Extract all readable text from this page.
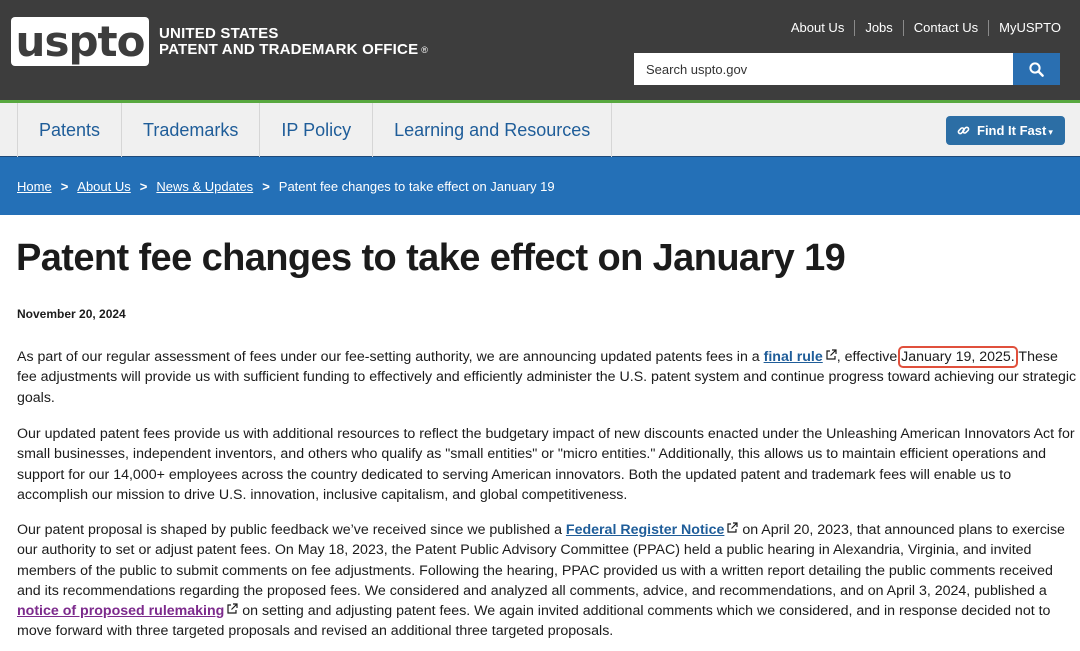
uspto UNITED STATES
PATENT AND TRADEMARK OFFICE ®
About Us	Jobs	Contact Us	MyUSPTO
Search uspto.gov
Patents	Trademarks	IP Policy	Learning and Resources	Find It Fast ▾
Home > About Us > News & Updates > Patent fee changes to take effect on January 19
Patent fee changes to take effect on January 19
November 20, 2024

As part of our regular assessment of fees under our fee-setting authority, we are announcing updated patents fees in a final rule , effective January 19, 2025. These fee adjustments will provide us with sufficient funding to effectively and efficiently administer the U.S. patent system and continue progress toward achieving our strategic goals.

Our updated patent fees provide us with additional resources to reflect the budgetary impact of new discounts enacted under the Unleashing American Innovators Act for small businesses, independent inventors, and others who qualify as "small entities" or "micro entities." Additionally, this allows us to maintain efficient operations and support for our 14,000+ employees across the country dedicated to serving American innovators. Both the updated patent and trademark fees will enable us to accomplish our mission to drive U.S. innovation, inclusive capitalism, and global competitiveness.

Our patent proposal is shaped by public feedback we’ve received since we published a Federal Register Notice on April 20, 2023, that announced plans to exercise our authority to set or adjust patent fees. On May 18, 2023, the Patent Public Advisory Committee (PPAC) held a public hearing in Alexandria, Virginia, and invited members of the public to submit comments on fee adjustments. Following the hearing, PPAC provided us with a written report detailing the public comments received and its recommendations regarding the proposed fees. We considered and analyzed all comments, advice, and recommendations, and on April 3, 2024, published a notice of proposed rulemaking on setting and adjusting patent fees. We again invited additional comments which we considered, and in response decided not to move forward with three targeted proposals and revised an additional three targeted proposals.
